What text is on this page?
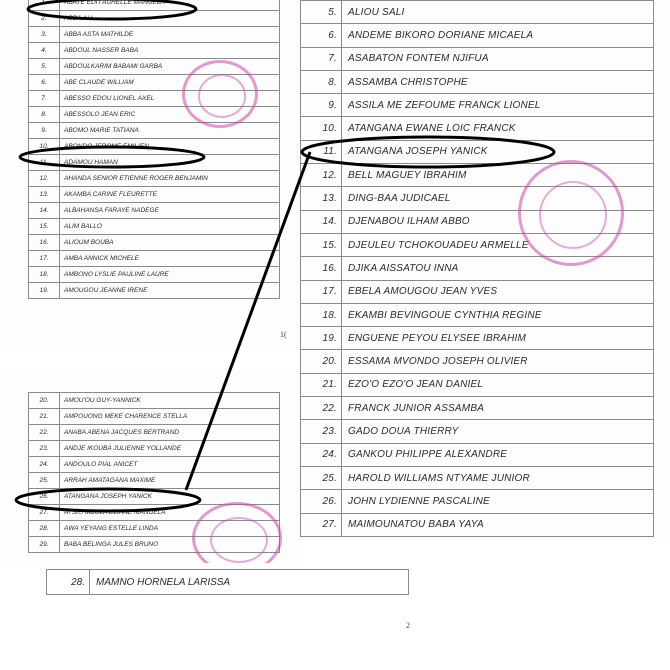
1.	ABATE EDI'I AURELLE MANUELA
2.	ABBA ALI
3.	ABBA ASTA MATHILDE
4.	ABDOUL NASSER BABA
5.	ABDOULKARIM BABAMI GARBA
6.	ABE CLAUDE WILLIAM
7.	ABESSO EDOU LIONEL AXEL
8.	ABESSOLO JEAN ERIC
9.	ABOMO MARIE TATIANA
10.	ABONDO JEROME EMILIEN
11.	ADAMOU HAMAN
12.	AHANDA SENIOR ETIENNE ROGER BENJAMIN
13.	AKAMBA CARINE FLEURETTE
14.	ALBAHANSA FARAYE NADEGE
15.	ALIM BALLO
16.	ALIOUM BOUBA
17.	AMBA ANNICK MICHELE
18.	AMBONO LYSLIE PAULINE LAURE
19.	AMOUGOU JEANNE IRENE
1(
20.	AMOU'OU GUY-YANNICK
21.	AMPOUONG MEKE CHARENCE STELLA
22.	ANABA ABENA JACQUES BERTRAND
23.	ANDJE IKOUBA JULIENNE YOLLANDE
24.	ANDOULO PIAL ANICET
25.	ARRAH AMATAGANA MAXIME
26.	ATANGANA JOSEPH YANICK
27.	ATSIO MBOLA ELIANE MANUELA
28.	AWA YEYANG ESTELLE LINDA
29.	BABA BELINGA JULES BRUNO
5.	ALIOU SALI
6.	ANDEME BIKORO DORIANE MICAELA
7.	ASABATON FONTEM NJIFUA
8.	ASSAMBA CHRISTOPHE
9.	ASSILA ME ZEFOUME FRANCK LIONEL
10.	ATANGANA EWANE LOIC FRANCK
11.	ATANGANA JOSEPH YANICK
12.	BELL MAGUEY IBRAHIM
13.	DING-BAA JUDICAEL
14.	DJENABOU ILHAM ABBO
15.	DJEULEU TCHOKOUADEU ARMELLE
16.	DJIKA AISSATOU INNA
17.	EBELA AMOUGOU JEAN YVES
18.	EKAMBI BEVINGOUE CYNTHIA REGINE
19.	ENGUENE PEYOU ELYSEE IBRAHIM
20.	ESSAMA MVONDO JOSEPH OLIVIER
21.	EZO'O EZO'O JEAN DANIEL
22.	FRANCK JUNIOR ASSAMBA
23.	GADO DOUA THIERRY
24.	GANKOU PHILIPPE ALEXANDRE
25.	HAROLD WILLIAMS NTYAME JUNIOR
26.	JOHN LYDIENNE PASCALINE
27.	MAIMOUNATOU BABA YAYA
28.	MAMNO HORNELA LARISSA
2
